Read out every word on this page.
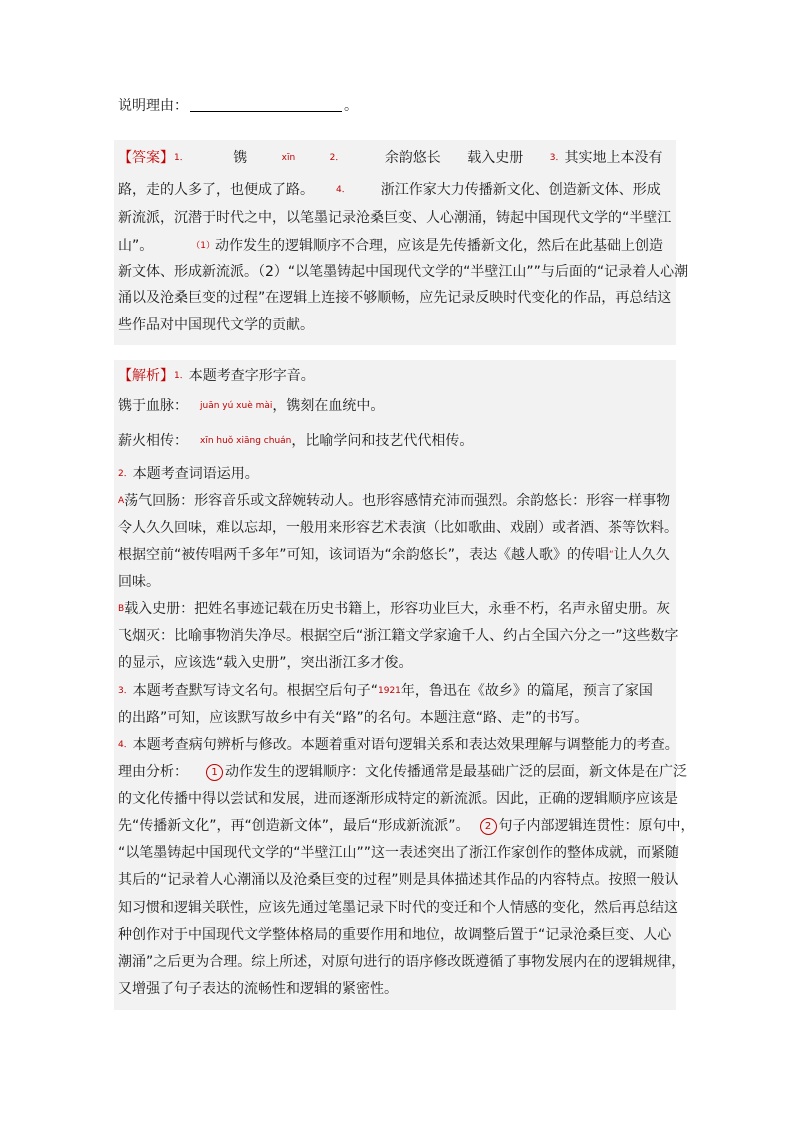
说明理由：	。
【答案】1．	镌	xīn	2．	余韵悠长 载入史册	3．其实地上本没有
路，走的人多了，也便成了路。 4． 浙江作家大力传播新文化、创造新文体、形成
新流派，沉潜于时代之中，以笔墨记录沧桑巨变、人心潮涌，铸起中国现代文学的“半壁江
山”。	（1）动作发生的逻辑顺序不合理，应该是先传播新文化，然后在此基础上创造
新文体、形成新流派。（2）“以笔墨铸起中国现代文学的“半壁江山””与后面的“记录着人心潮
涌以及沧桑巨变的过程”在逻辑上连接不够顺畅，应先记录反映时代变化的作品，再总结这
些作品对中国现代文学的贡献。
【解析】1．本题考查字形字音。
镌于血脉： juān yú xuè mài，镌刻在血统中。
薪火相传： xīn huǒ xiāng chuán，比喻学问和技艺代代相传。
2．本题考查词语运用。
A荡气回肠：形容音乐或文辞婉转动人。也形容感情充沛而强烈。余韵悠长：形容一样事物
令人久久回味，难以忘却，一般用来形容艺术表演（比如歌曲、戏剧）或者酒、茶等饮料。
根据空前“被传唱两千多年”可知，该词语为“余韵悠长”，表达《越人歌》的传唱“让人久久
回味。
B载入史册：把姓名事迹记载在历史书籍上，形容功业巨大，永垂不朽，名声永留史册。灰
飞烟灭：比喻事物消失净尽。根据空后“浙江籍文学家逾千人、约占全国六分之一”这些数字
的显示，应该选“载入史册”，突出浙江多才俊。
3．本题考查默写诗文名句。根据空后句子“1921年，鲁迅在《故乡》的篇尾，预言了家国
的出路”可知，应该默写故乡中有关“路”的名句。本题注意“路、走”的书写。
4．本题考查病句辨析与修改。本题着重对语句逻辑关系和表达效果理解与调整能力的考查。
理由分析： 1 动作发生的逻辑顺序：文化传播通常是最基础广泛的层面，新文体是在广泛
的文化传播中得以尝试和发展，进而逐渐形成特定的新流派。因此，正确的逻辑顺序应该是
先“传播新文化”，再“创造新文体”，最后“形成新流派”。 2 句子内部逻辑连贯性：原句中，
“以笔墨铸起中国现代文学的“半壁江山””这一表述突出了浙江作家创作的整体成就，而紧随
其后的“记录着人心潮涌以及沧桑巨变的过程”则是具体描述其作品的内容特点。按照一般认
知习惯和逻辑关联性，应该先通过笔墨记录下时代的变迁和个人情感的变化，然后再总结这
种创作对于中国现代文学整体格局的重要作用和地位，故调整后置于“记录沧桑巨变、人心
潮涌”之后更为合理。综上所述，对原句进行的语序修改既遵循了事物发展内在的逻辑规律，
又增强了句子表达的流畅性和逻辑的紧密性。
